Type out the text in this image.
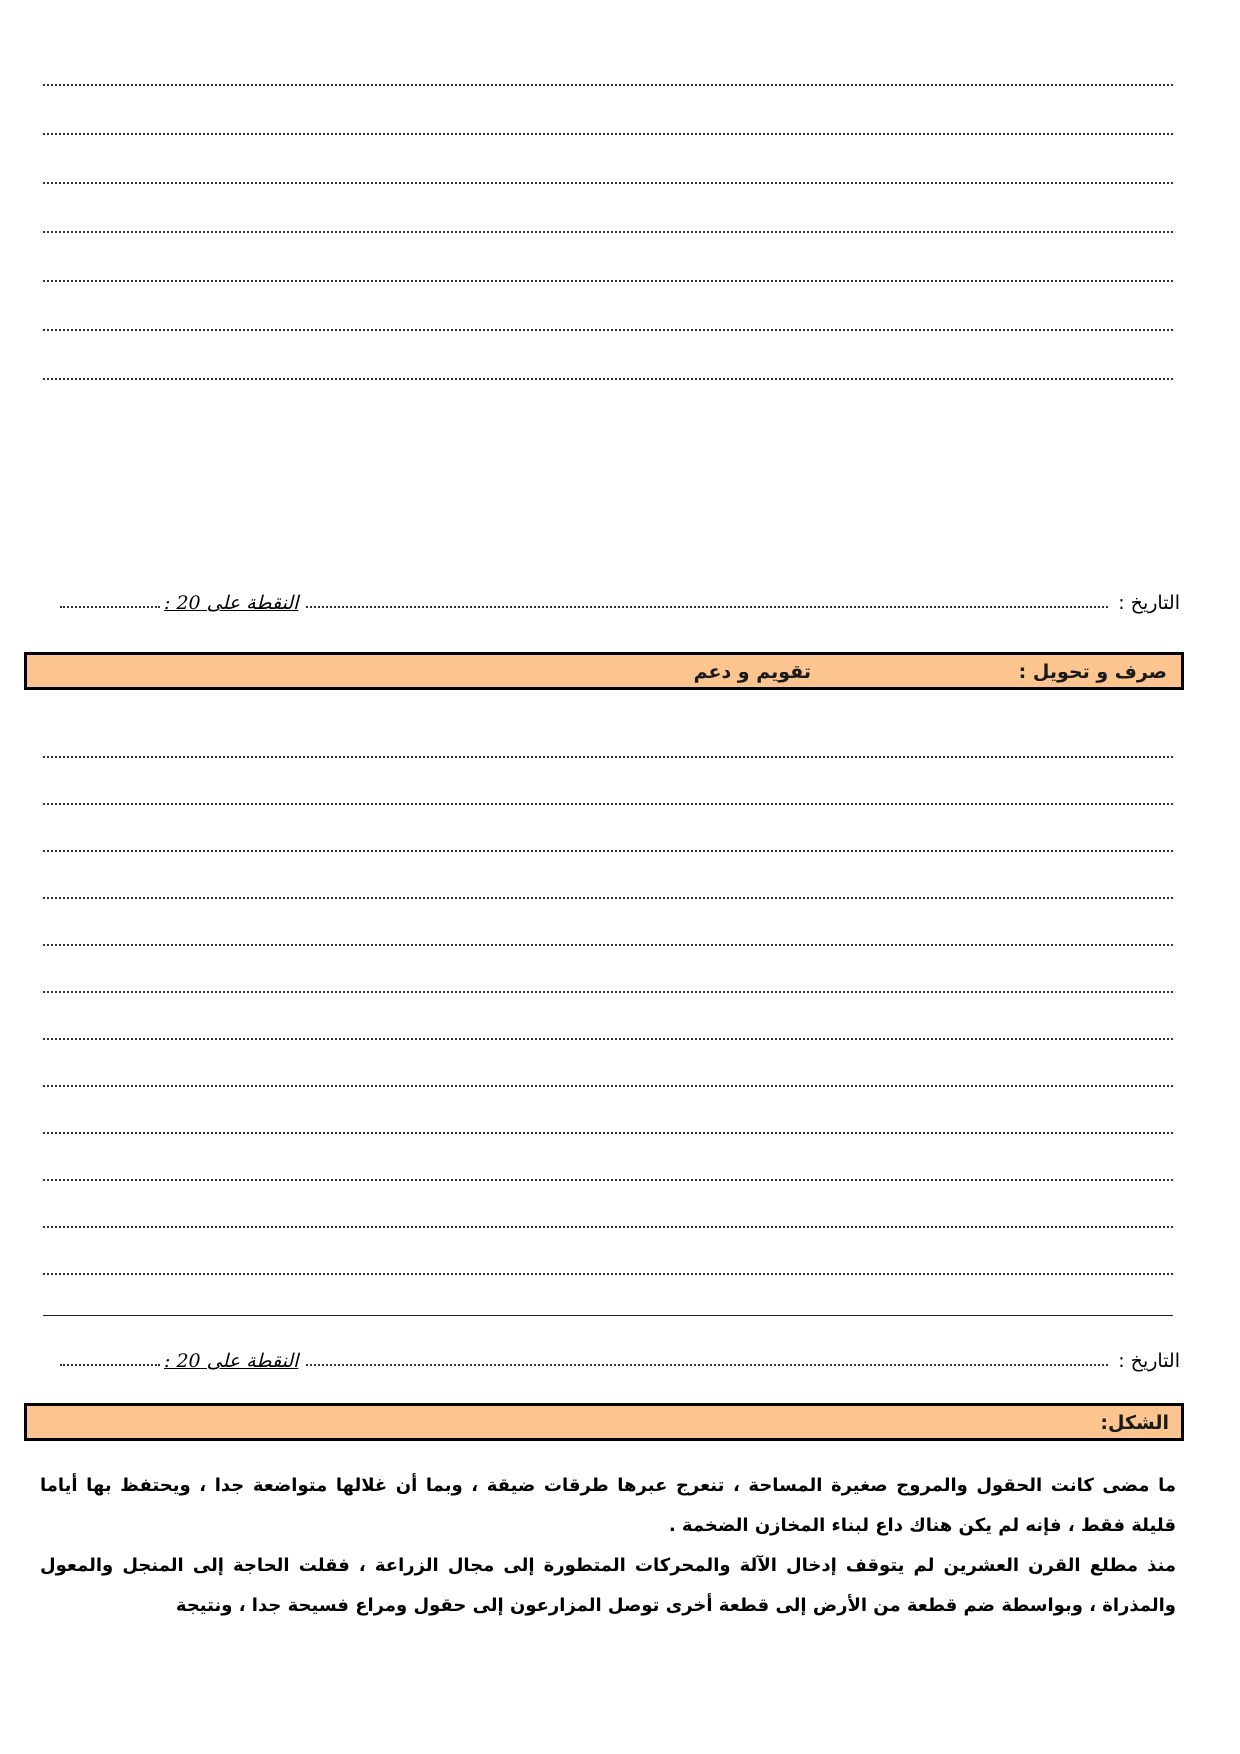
التاريخ :
النقطة على 20 :
صرف و تحويل :
تقويم و دعم
التاريخ :
النقطة على 20 :
الشكل:

ما مضى كانت الحقول والمروج صغيرة المساحة ، تنعرج عبرها طرقات ضيقة ، وبما أن غلالها متواضعة جدا ، ويحتفظ بها أياما قليلة فقط ، فإنه لم يكن هناك داع لبناء المخازن الضخمة .

منذ مطلع القرن العشرين لم يتوقف إدخال الآلة والمحركات المتطورة إلى مجال الزراعة ، فقلت الحاجة إلى المنجل والمعول والمذراة ، وبواسطة ضم قطعة من الأرض إلى قطعة أخرى توصل المزارعون إلى حقول ومراع فسيحة جدا ، ونتيجة
